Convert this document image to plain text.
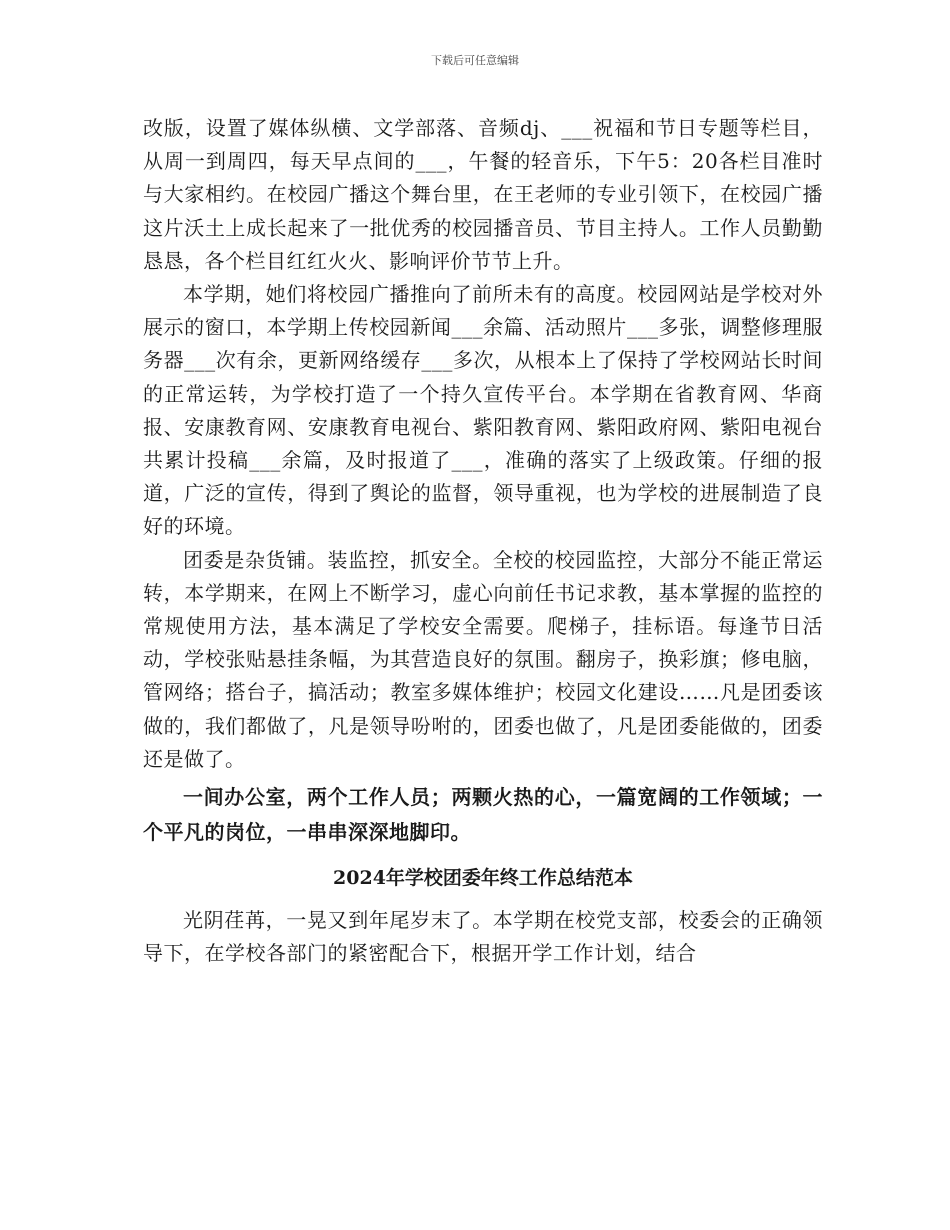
下载后可任意编辑

改版，设置了媒体纵横、文学部落、音频dj、___祝福和节日专题等栏目，从周一到周四，每天早点间的___，午餐的轻音乐，下午5：20各栏目准时与大家相约。在校园广播这个舞台里，在王老师的专业引领下，在校园广播这片沃土上成长起来了一批优秀的校园播音员、节目主持人。工作人员勤勤恳恳，各个栏目红红火火、影响评价节节上升。

本学期，她们将校园广播推向了前所未有的高度。校园网站是学校对外展示的窗口，本学期上传校园新闻___余篇、活动照片___多张，调整修理服务器___次有余，更新网络缓存___多次，从根本上了保持了学校网站长时间的正常运转，为学校打造了一个持久宣传平台。本学期在省教育网、华商报、安康教育网、安康教育电视台、紫阳教育网、紫阳政府网、紫阳电视台共累计投稿___余篇，及时报道了___，准确的落实了上级政策。仔细的报道，广泛的宣传，得到了舆论的监督，领导重视，也为学校的进展制造了良好的环境。

团委是杂货铺。装监控，抓安全。全校的校园监控，大部分不能正常运转，本学期来，在网上不断学习，虚心向前任书记求教，基本掌握的监控的常规使用方法，基本满足了学校安全需要。爬梯子，挂标语。每逢节日活动，学校张贴悬挂条幅，为其营造良好的氛围。翻房子，换彩旗；修电脑，管网络；搭台子，搞活动；教室多媒体维护；校园文化建设……凡是团委该做的，我们都做了，凡是领导吩咐的，团委也做了，凡是团委能做的，团委还是做了。

一间办公室，两个工作人员；两颗火热的心，一篇宽阔的工作领域；一个平凡的岗位，一串串深深地脚印。

2024年学校团委年终工作总结范本

光阴荏苒，一晃又到年尾岁末了。本学期在校党支部，校委会的正确领导下，在学校各部门的紧密配合下，根据开学工作计划，结合
